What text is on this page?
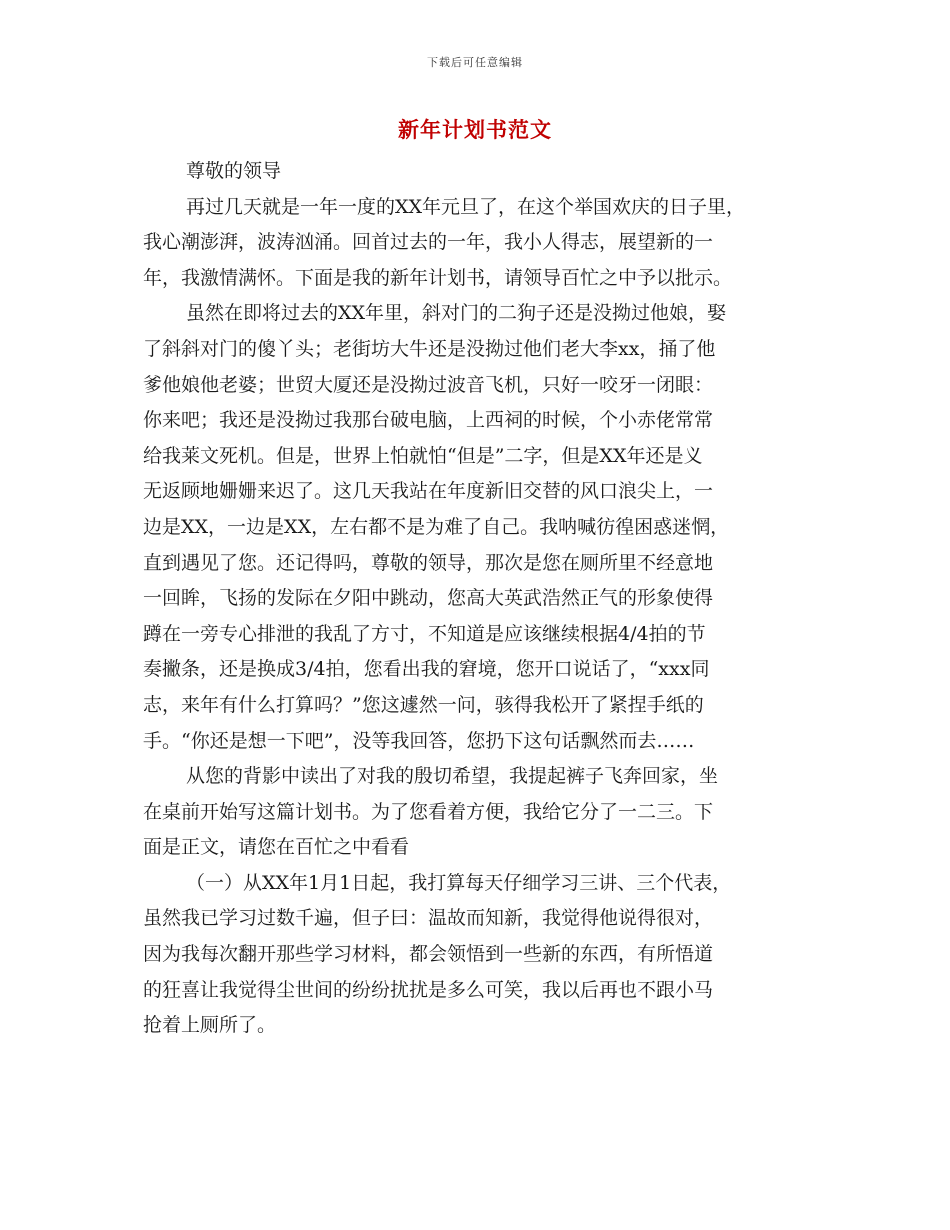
下载后可任意编辑
新年计划书范文
尊敬的领导
再过几天就是一年一度的XX年元旦了，在这个举国欢庆的日子里，
我心潮澎湃，波涛汹涌。回首过去的一年，我小人得志，展望新的一
年，我激情满怀。下面是我的新年计划书，请领导百忙之中予以批示。
虽然在即将过去的XX年里，斜对门的二狗子还是没拗过他娘，娶
了斜斜对门的傻丫头；老街坊大牛还是没拗过他们老大李xx，捅了他
爹他娘他老婆；世贸大厦还是没拗过波音飞机，只好一咬牙一闭眼：
你来吧；我还是没拗过我那台破电脑，上西祠的时候，个小赤佬常常
给我莱文死机。但是，世界上怕就怕“但是”二字，但是XX年还是义
无返顾地姗姗来迟了。这几天我站在年度新旧交替的风口浪尖上，一
边是XX，一边是XX，左右都不是为难了自己。我呐喊彷徨困惑迷惘，
直到遇见了您。还记得吗，尊敬的领导，那次是您在厕所里不经意地
一回眸，飞扬的发际在夕阳中跳动，您高大英武浩然正气的形象使得
蹲在一旁专心排泄的我乱了方寸，不知道是应该继续根据4/4拍的节
奏撇条，还是换成3/4拍，您看出我的窘境，您开口说话了，“xxx同
志，来年有什么打算吗？”您这遽然一问，骇得我松开了紧捏手纸的
手。“你还是想一下吧”，没等我回答，您扔下这句话飘然而去……
从您的背影中读出了对我的殷切希望，我提起裤子飞奔回家，坐
在桌前开始写这篇计划书。为了您看着方便，我给它分了一二三。下
面是正文，请您在百忙之中看看
（一）从XX年1月1日起，我打算每天仔细学习三讲、三个代表，
虽然我已学习过数千遍，但子曰：温故而知新，我觉得他说得很对，
因为我每次翻开那些学习材料，都会领悟到一些新的东西，有所悟道
的狂喜让我觉得尘世间的纷纷扰扰是多么可笑，我以后再也不跟小马
抢着上厕所了。
